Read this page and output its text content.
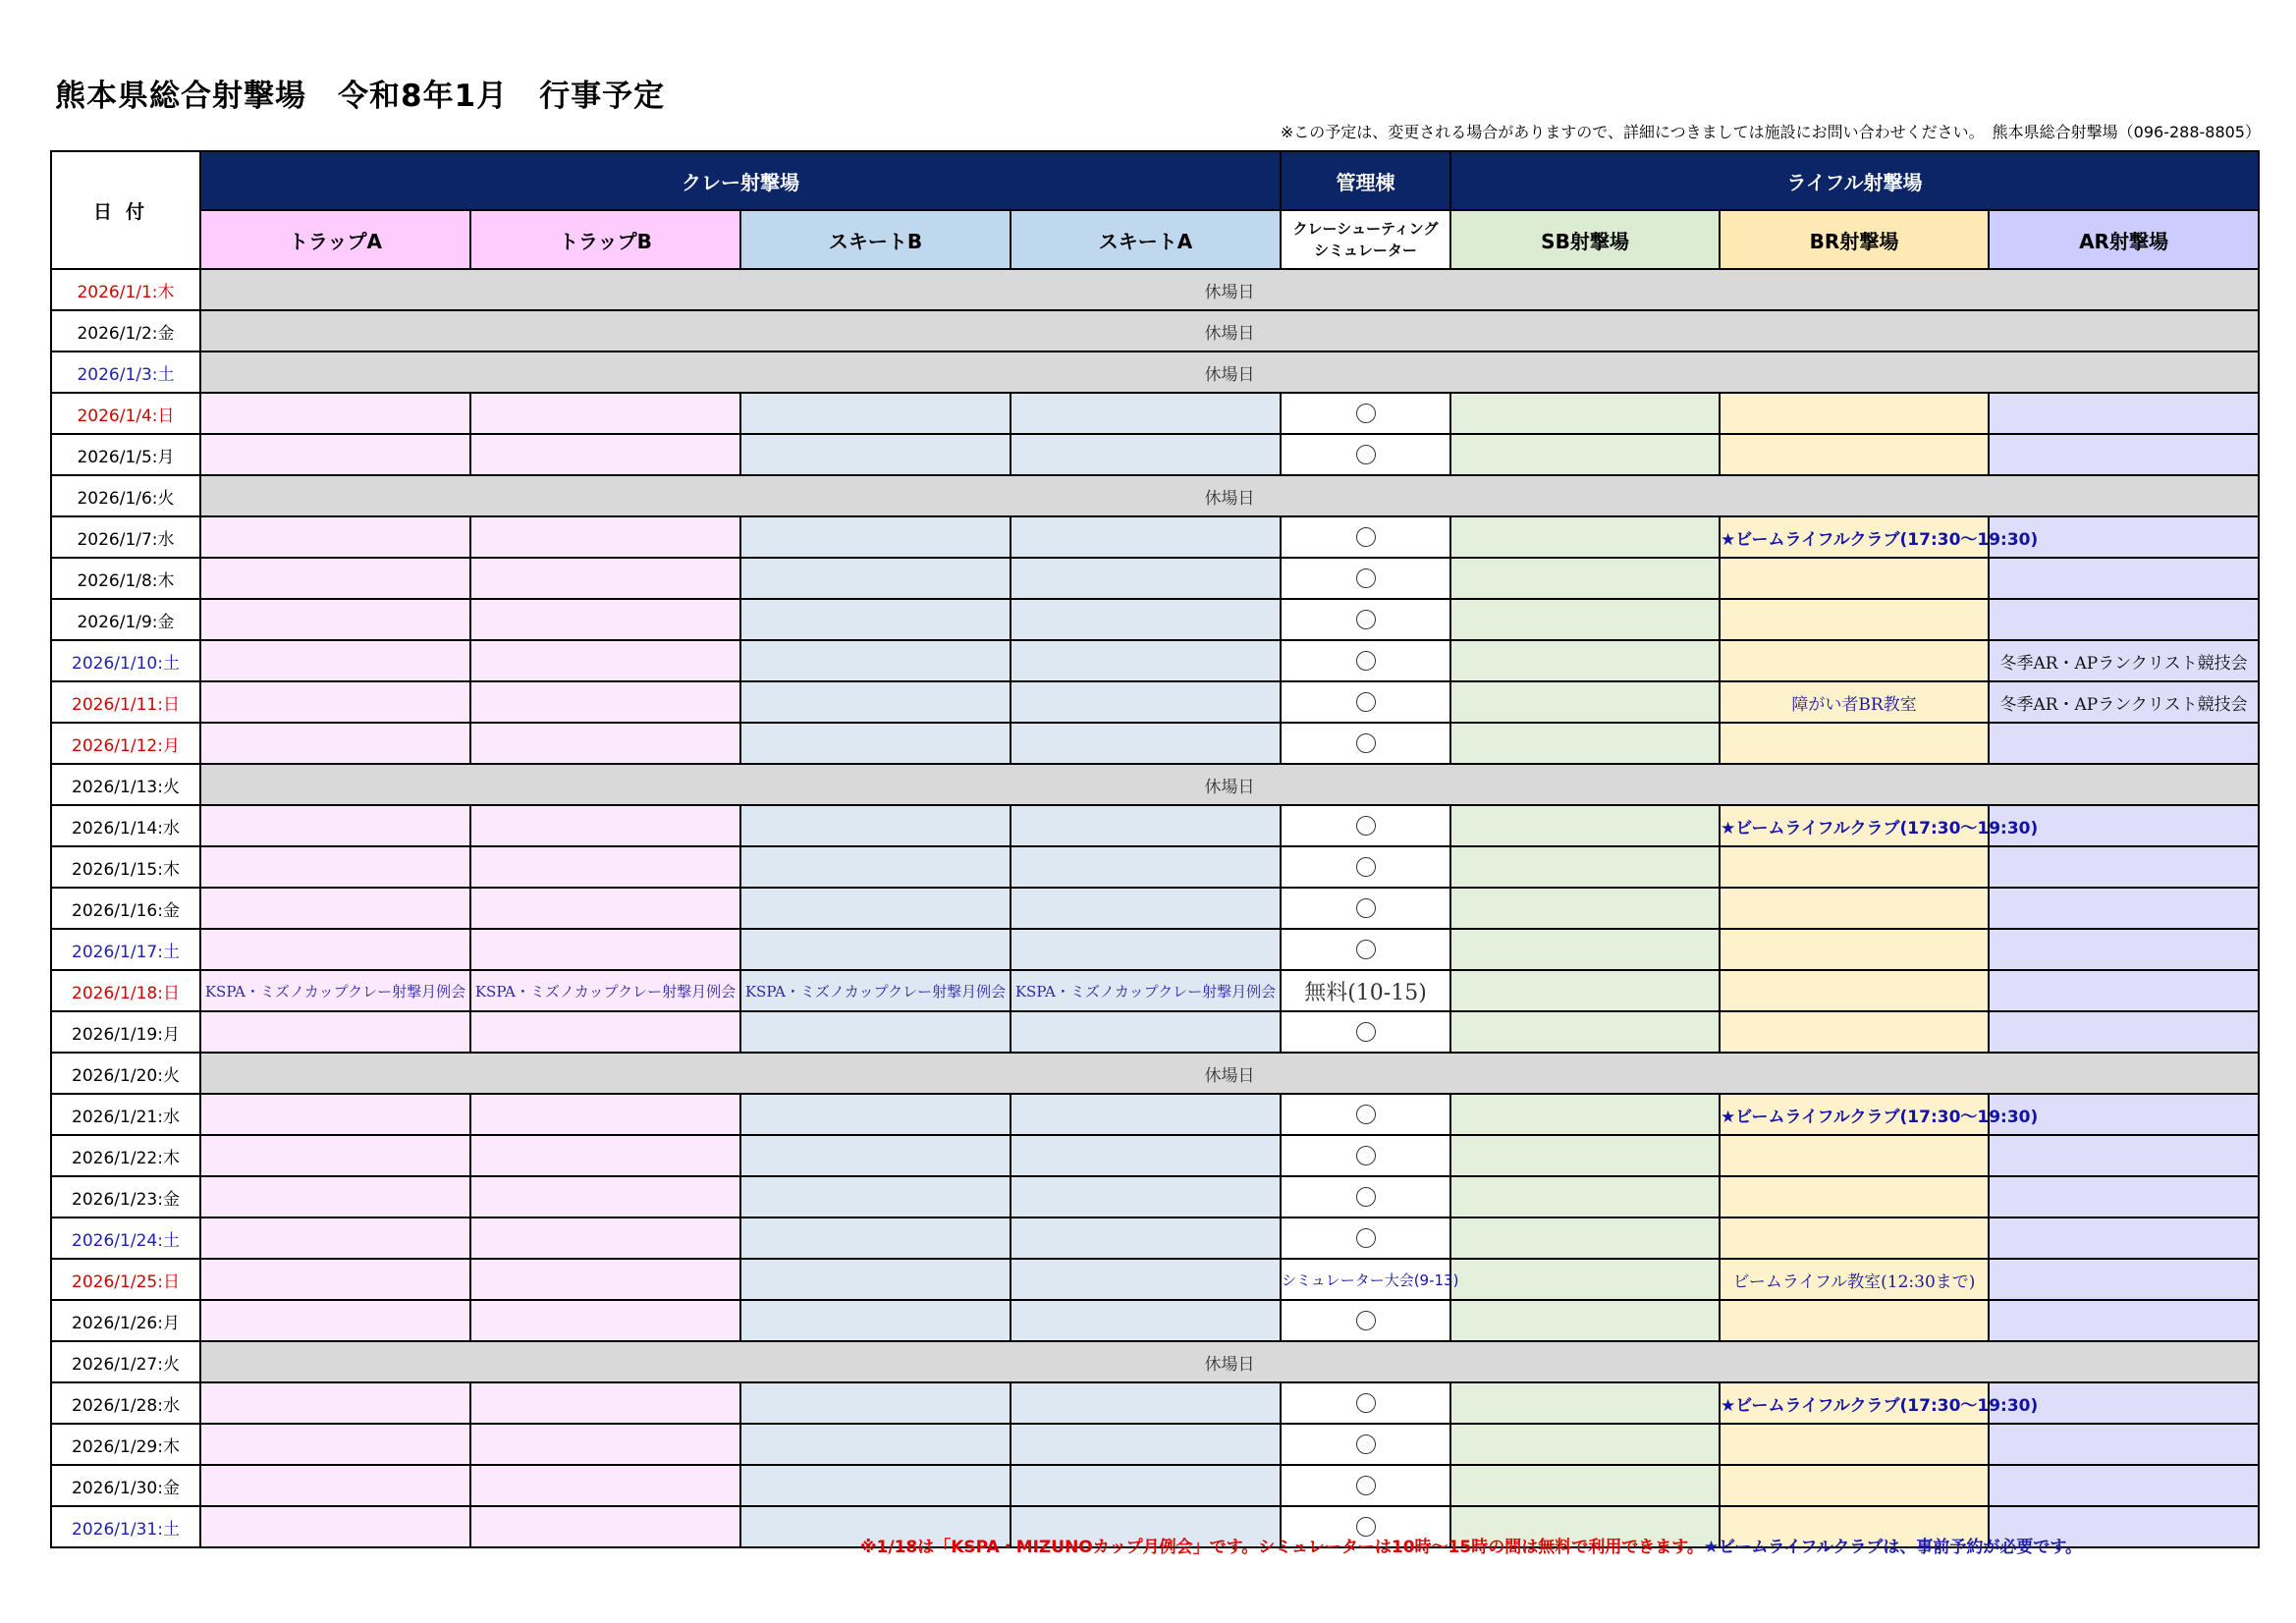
熊本県総合射撃場　令和8年1月　行事予定
※この予定は、変更される場合がありますので、詳細につきましては施設にお問い合わせください。　熊本県総合射撃場（096-288-8805）
日付	クレー射撃場				管理棟	ライフル射撃場		
	トラップA	トラップB	スキートB	スキートA	クレーシューティング
シミュレーター	SB射撃場	BR射撃場	AR射撃場
2026/1/1:木	休場日							
2026/1/2:金	休場日							
2026/1/3:土	休場日							
2026/1/4:日								
2026/1/5:月								
2026/1/6:火	休場日							
2026/1/7:水							★ビームライフルクラブ(17:30～19:30)	
2026/1/8:木								
2026/1/9:金								
2026/1/10:土								冬季AR・APランクリスト競技会
2026/1/11:日							障がい者BR教室	冬季AR・APランクリスト競技会
2026/1/12:月								
2026/1/13:火	休場日							
2026/1/14:水							★ビームライフルクラブ(17:30～19:30)	
2026/1/15:木								
2026/1/16:金								
2026/1/17:土								
2026/1/18:日	KSPA・ミズノカップクレー射撃月例会	KSPA・ミズノカップクレー射撃月例会	KSPA・ミズノカップクレー射撃月例会	KSPA・ミズノカップクレー射撃月例会	無料(10-15)			
2026/1/19:月								
2026/1/20:火	休場日							
2026/1/21:水							★ビームライフルクラブ(17:30～19:30)	
2026/1/22:木								
2026/1/23:金								
2026/1/24:土								
2026/1/25:日					シミュレーター大会(9-13)		ビームライフル教室(12:30まで)	
2026/1/26:月								
2026/1/27:火	休場日							
2026/1/28:水							★ビームライフルクラブ(17:30～19:30)	
2026/1/29:木								
2026/1/30:金								
2026/1/31:土								
※1/18は「KSPA・MIZUNOカップ月例会」です。シミュレーターは10時～15時の間は無料で利用できます。★ビームライフルクラブは、事前予約が必要です。
